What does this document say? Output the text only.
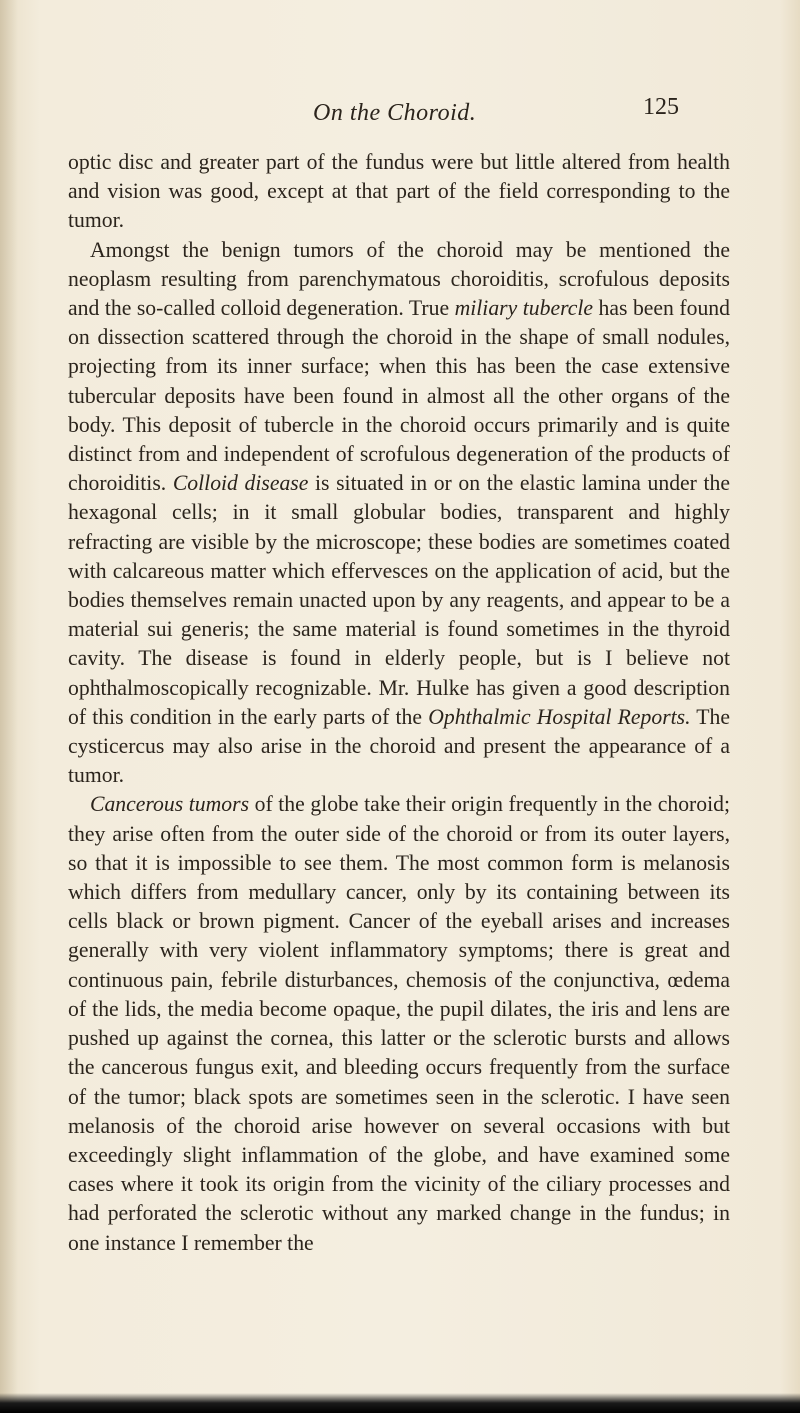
On the Choroid.	125

optic disc and greater part of the fundus were but little altered from health and vision was good, except at that part of the field corresponding to the tumor.

Amongst the benign tumors of the choroid may be mentioned the neoplasm resulting from parenchymatous choroiditis, scrofulous deposits and the so-called colloid degeneration. True miliary tubercle has been found on dissection scattered through the choroid in the shape of small nodules, projecting from its inner surface; when this has been the case extensive tubercular deposits have been found in almost all the other organs of the body. This deposit of tubercle in the choroid occurs primarily and is quite distinct from and independent of scrofulous degeneration of the products of choroiditis. Colloid disease is situated in or on the elastic lamina under the hexagonal cells; in it small globular bodies, transparent and highly refracting are visible by the microscope; these bodies are sometimes coated with calcareous matter which effervesces on the application of acid, but the bodies themselves remain unacted upon by any reagents, and appear to be a material sui generis; the same material is found sometimes in the thyroid cavity. The disease is found in elderly people, but is I believe not ophthalmoscopically recognizable. Mr. Hulke has given a good description of this condition in the early parts of the Ophthalmic Hospital Reports. The cysticercus may also arise in the choroid and present the appearance of a tumor.

Cancerous tumors of the globe take their origin frequently in the choroid; they arise often from the outer side of the choroid or from its outer layers, so that it is impossible to see them. The most common form is melanosis which differs from medullary cancer, only by its containing between its cells black or brown pigment. Cancer of the eyeball arises and increases generally with very violent inflammatory symptoms; there is great and continuous pain, febrile disturbances, chemosis of the conjunctiva, œdema of the lids, the media become opaque, the pupil dilates, the iris and lens are pushed up against the cornea, this latter or the sclerotic bursts and allows the cancerous fungus exit, and bleeding occurs frequently from the surface of the tumor; black spots are sometimes seen in the sclerotic. I have seen melanosis of the choroid arise however on several occasions with but exceedingly slight inflammation of the globe, and have examined some cases where it took its origin from the vicinity of the ciliary processes and had perforated the sclerotic without any marked change in the fundus; in one instance I remember the
